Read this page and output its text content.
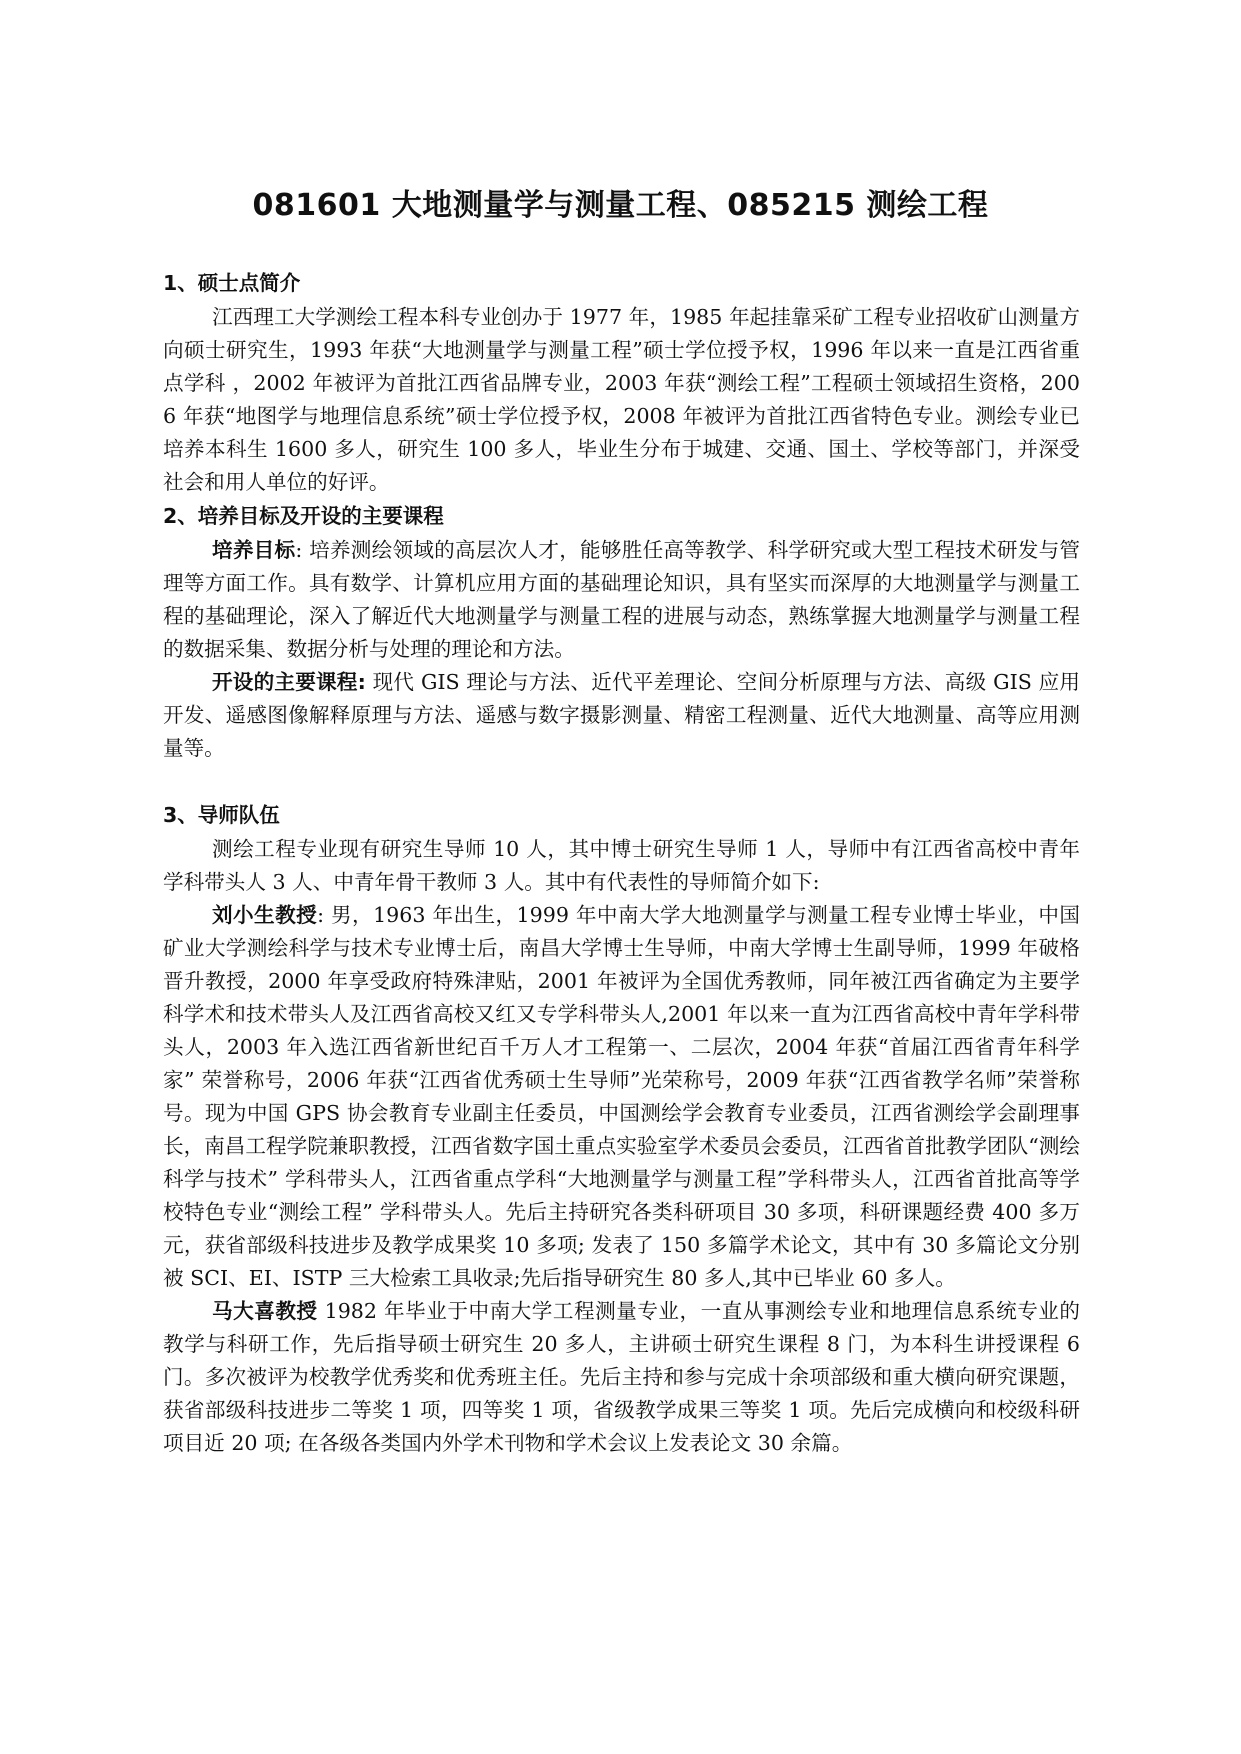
081601 大地测量学与测量工程、085215 测绘工程
1、硕士点简介

江西理工大学测绘工程本科专业创办于 1977 年，1985 年起挂靠采矿工程专业招收矿山测量方向硕士研究生，1993 年获“大地测量学与测量工程”硕士学位授予权，1996 年以来一直是江西省重点学科 ，2002 年被评为首批江西省品牌专业，2003 年获“测绘工程”工程硕士领域招生资格，2006 年获“地图学与地理信息系统”硕士学位授予权，2008 年被评为首批江西省特色专业。测绘专业已培养本科生 1600 多人，研究生 100 多人，毕业生分布于城建、交通、国土、学校等部门，并深受社会和用人单位的好评。

2、培养目标及开设的主要课程

培养目标: 培养测绘领域的高层次人才，能够胜任高等教学、科学研究或大型工程技术研发与管理等方面工作。具有数学、计算机应用方面的基础理论知识，具有坚实而深厚的大地测量学与测量工程的基础理论，深入了解近代大地测量学与测量工程的进展与动态，熟练掌握大地测量学与测量工程的数据采集、数据分析与处理的理论和方法。

开设的主要课程: 现代 GIS 理论与方法、近代平差理论、空间分析原理与方法、高级 GIS 应用开发、遥感图像解释原理与方法、遥感与数字摄影测量、精密工程测量、近代大地测量、高等应用测量等。

3、导师队伍

测绘工程专业现有研究生导师 10 人，其中博士研究生导师 1 人，导师中有江西省高校中青年学科带头人 3 人、中青年骨干教师 3 人。其中有代表性的导师简介如下:

刘小生教授: 男，1963 年出生，1999 年中南大学大地测量学与测量工程专业博士毕业，中国矿业大学测绘科学与技术专业博士后，南昌大学博士生导师，中南大学博士生副导师，1999 年破格晋升教授，2000 年享受政府特殊津贴，2001 年被评为全国优秀教师，同年被江西省确定为主要学科学术和技术带头人及江西省高校又红又专学科带头人,2001 年以来一直为江西省高校中青年学科带头人，2003 年入选江西省新世纪百千万人才工程第一、二层次，2004 年获“首届江西省青年科学家” 荣誉称号，2006 年获“江西省优秀硕士生导师”光荣称号，2009 年获“江西省教学名师”荣誉称号。现为中国 GPS 协会教育专业副主任委员，中国测绘学会教育专业委员，江西省测绘学会副理事长，南昌工程学院兼职教授，江西省数字国土重点实验室学术委员会委员，江西省首批教学团队“测绘科学与技术” 学科带头人，江西省重点学科“大地测量学与测量工程”学科带头人，江西省首批高等学校特色专业“测绘工程” 学科带头人。先后主持研究各类科研项目 30 多项，科研课题经费 400 多万元，获省部级科技进步及教学成果奖 10 多项; 发表了 150 多篇学术论文，其中有 30 多篇论文分别被 SCI、EI、ISTP 三大检索工具收录;先后指导研究生 80 多人,其中已毕业 60 多人。

马大喜教授 1982 年毕业于中南大学工程测量专业，一直从事测绘专业和地理信息系统专业的教学与科研工作，先后指导硕士研究生 20 多人，主讲硕士研究生课程 8 门，为本科生讲授课程 6 门。多次被评为校教学优秀奖和优秀班主任。先后主持和参与完成十余项部级和重大横向研究课题，获省部级科技进步二等奖 1 项，四等奖 1 项，省级教学成果三等奖 1 项。先后完成横向和校级科研项目近 20 项; 在各级各类国内外学术刊物和学术会议上发表论文 30 余篇。
